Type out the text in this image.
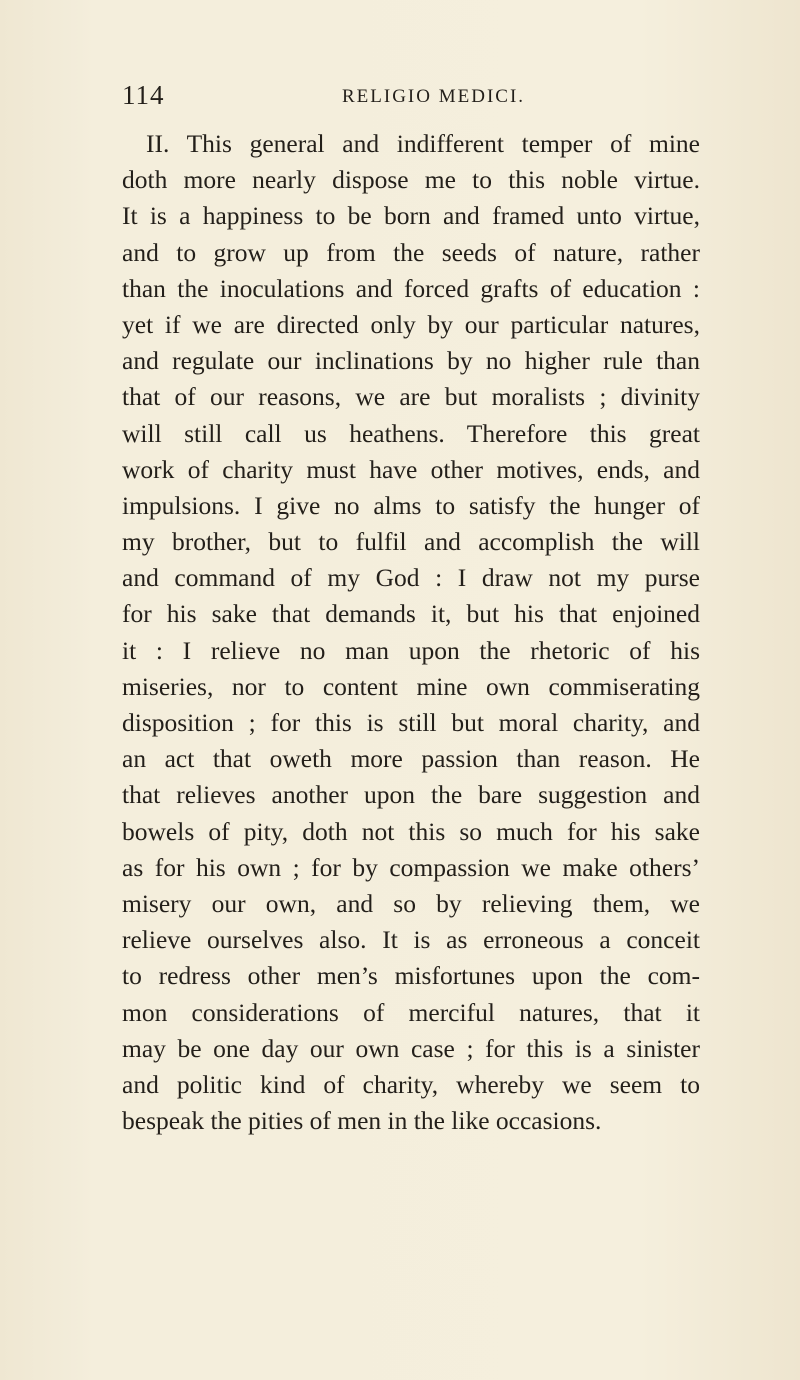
114	RELIGIO MEDICI.
II. This general and indifferent temper of mine
doth more nearly dispose me to this noble virtue.
It is a happiness to be born and framed unto virtue,
and to grow up from the seeds of nature, rather
than the inoculations and forced grafts of education :
yet if we are directed only by our particular natures,
and regulate our inclinations by no higher rule than
that of our reasons, we are but moralists ; divinity
will still call us heathens. Therefore this great
work of charity must have other motives, ends, and
impulsions. I give no alms to satisfy the hunger of
my brother, but to fulfil and accomplish the will
and command of my God : I draw not my purse
for his sake that demands it, but his that enjoined
it : I relieve no man upon the rhetoric of his
miseries, nor to content mine own commiserating
disposition ; for this is still but moral charity, and
an act that oweth more passion than reason. He
that relieves another upon the bare suggestion and
bowels of pity, doth not this so much for his sake
as for his own ; for by compassion we make others’
misery our own, and so by relieving them, we
relieve ourselves also. It is as erroneous a conceit
to redress other men’s misfortunes upon the com-
mon considerations of merciful natures, that it
may be one day our own case ; for this is a sinister
and politic kind of charity, whereby we seem to
bespeak the pities of men in the like occasions.
